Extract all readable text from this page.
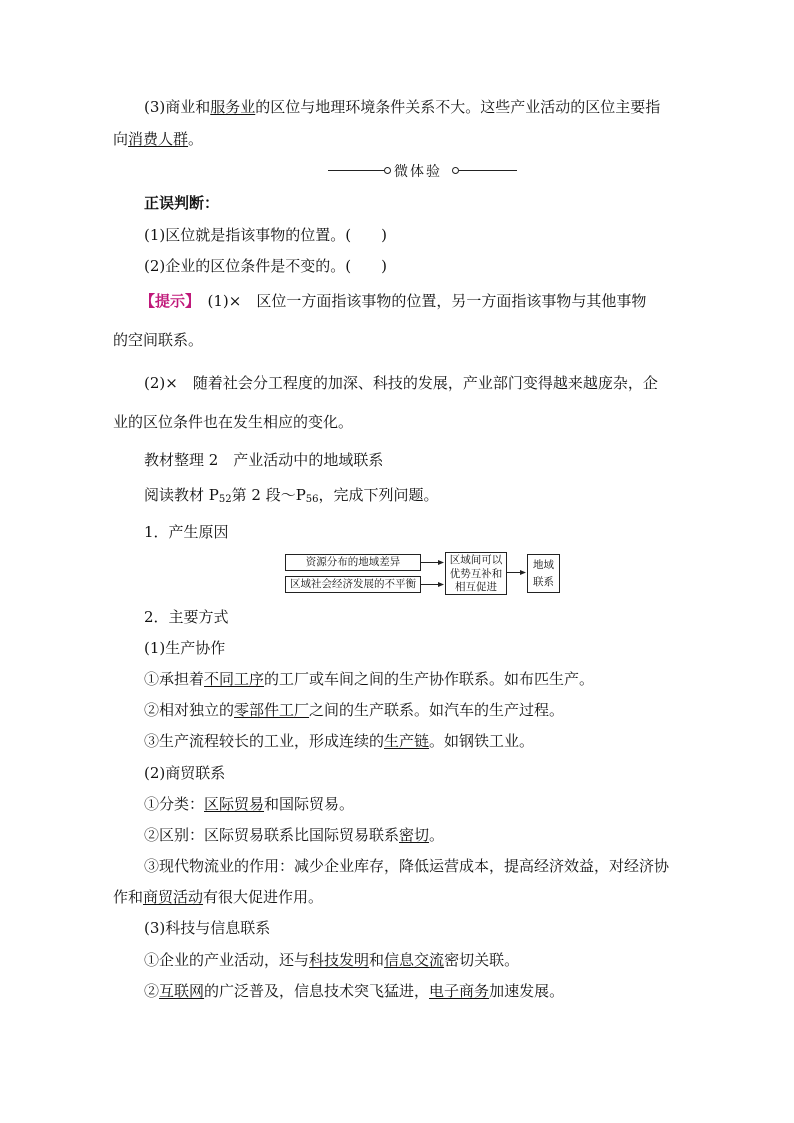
(3)商业和服务业的区位与地理环境条件关系不大。这些产业活动的区位主要指
向消费人群。
微体验
正误判断：
(1)区位就是指该事物的位置。(　　)
(2)企业的区位条件是不变的。(　　)
【提示】　(1)×　区位一方面指该事物的位置，另一方面指该事物与其他事物
的空间联系。
(2)×　随着社会分工程度的加深、科技的发展，产业部门变得越来越庞杂，企
业的区位条件也在发生相应的变化。
教材整理 2　产业活动中的地域联系
阅读教材 $P_{52}$第 2 段$\sim P_{56}$，完成下列问题。
1．产生原因
资源分布的地域差异
区域社会经济发展的不平衡
区域间可以
优势互补和
相互促进
地域
联系
2．主要方式
(1)生产协作
①承担着不同工序的工厂或车间之间的生产协作联系。如布匹生产。
②相对独立的零部件工厂之间的生产联系。如汽车的生产过程。
③生产流程较长的工业，形成连续的生产链。如钢铁工业。
(2)商贸联系
①分类：区际贸易和国际贸易。
②区别：区际贸易联系比国际贸易联系密切。
③现代物流业的作用：减少企业库存，降低运营成本，提高经济效益，对经济协
作和商贸活动有很大促进作用。
(3)科技与信息联系
①企业的产业活动，还与科技发明和信息交流密切关联。
②互联网的广泛普及，信息技术突飞猛进，电子商务加速发展。
